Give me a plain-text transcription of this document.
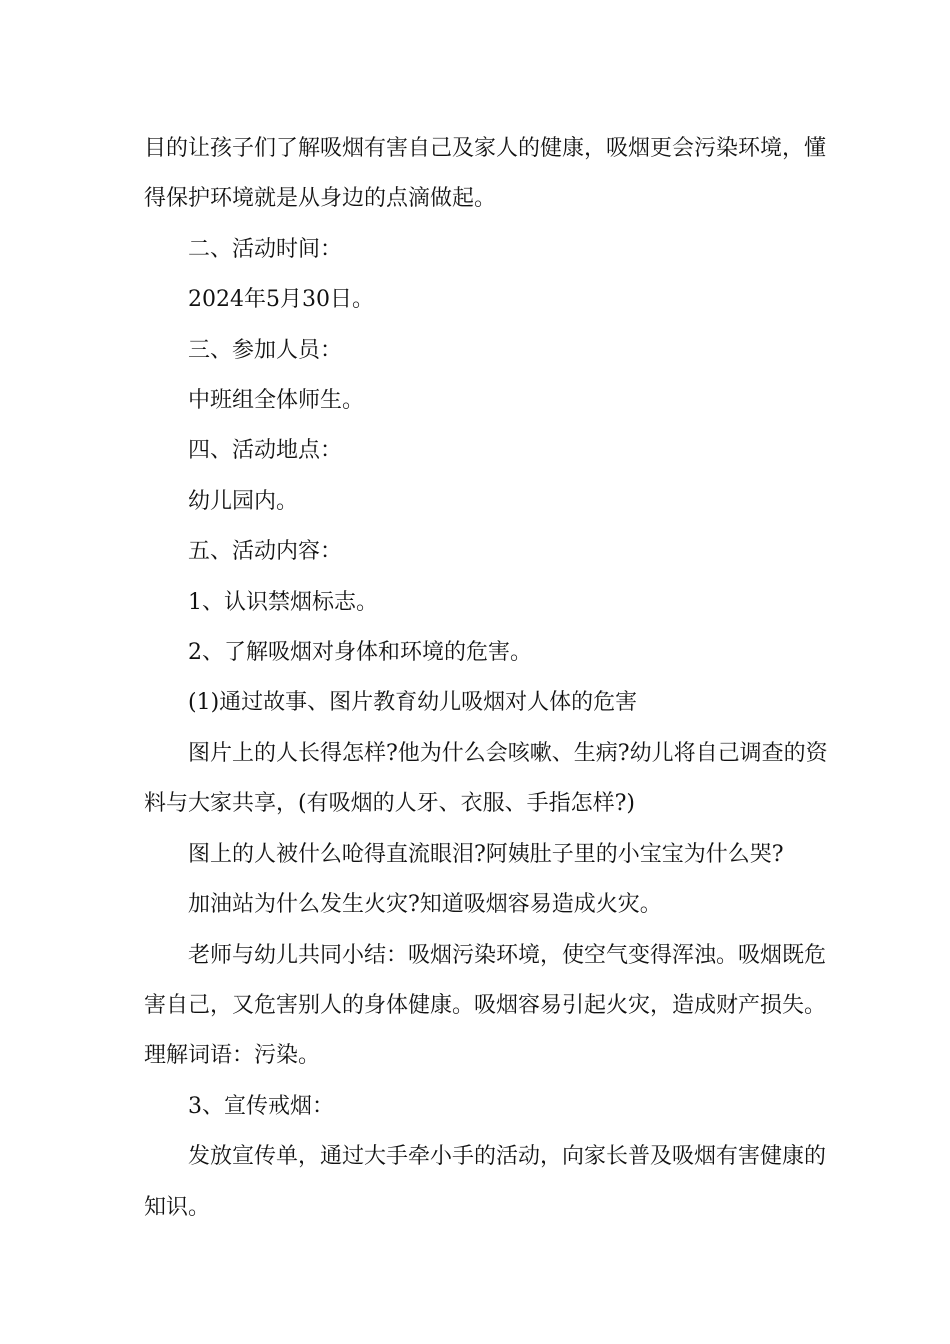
目的让孩子们了解吸烟有害自己及家人的健康，吸烟更会污染环境，懂得保护环境就是从身边的点滴做起。

二、活动时间：

2024年5月30日。

三、参加人员：

中班组全体师生。

四、活动地点：

幼儿园内。

五、活动内容：

1、认识禁烟标志。

2、了解吸烟对身体和环境的危害。

(1)通过故事、图片教育幼儿吸烟对人体的危害

图片上的人长得怎样?他为什么会咳嗽、生病?幼儿将自己调查的资料与大家共享，(有吸烟的人牙、衣服、手指怎样?)

图上的人被什么呛得直流眼泪?阿姨肚子里的小宝宝为什么哭?

加油站为什么发生火灾?知道吸烟容易造成火灾。

老师与幼儿共同小结：吸烟污染环境，使空气变得浑浊。吸烟既危害自己，又危害别人的身体健康。吸烟容易引起火灾，造成财产损失。理解词语：污染。

3、宣传戒烟：

发放宣传单，通过大手牵小手的活动，向家长普及吸烟有害健康的知识。
